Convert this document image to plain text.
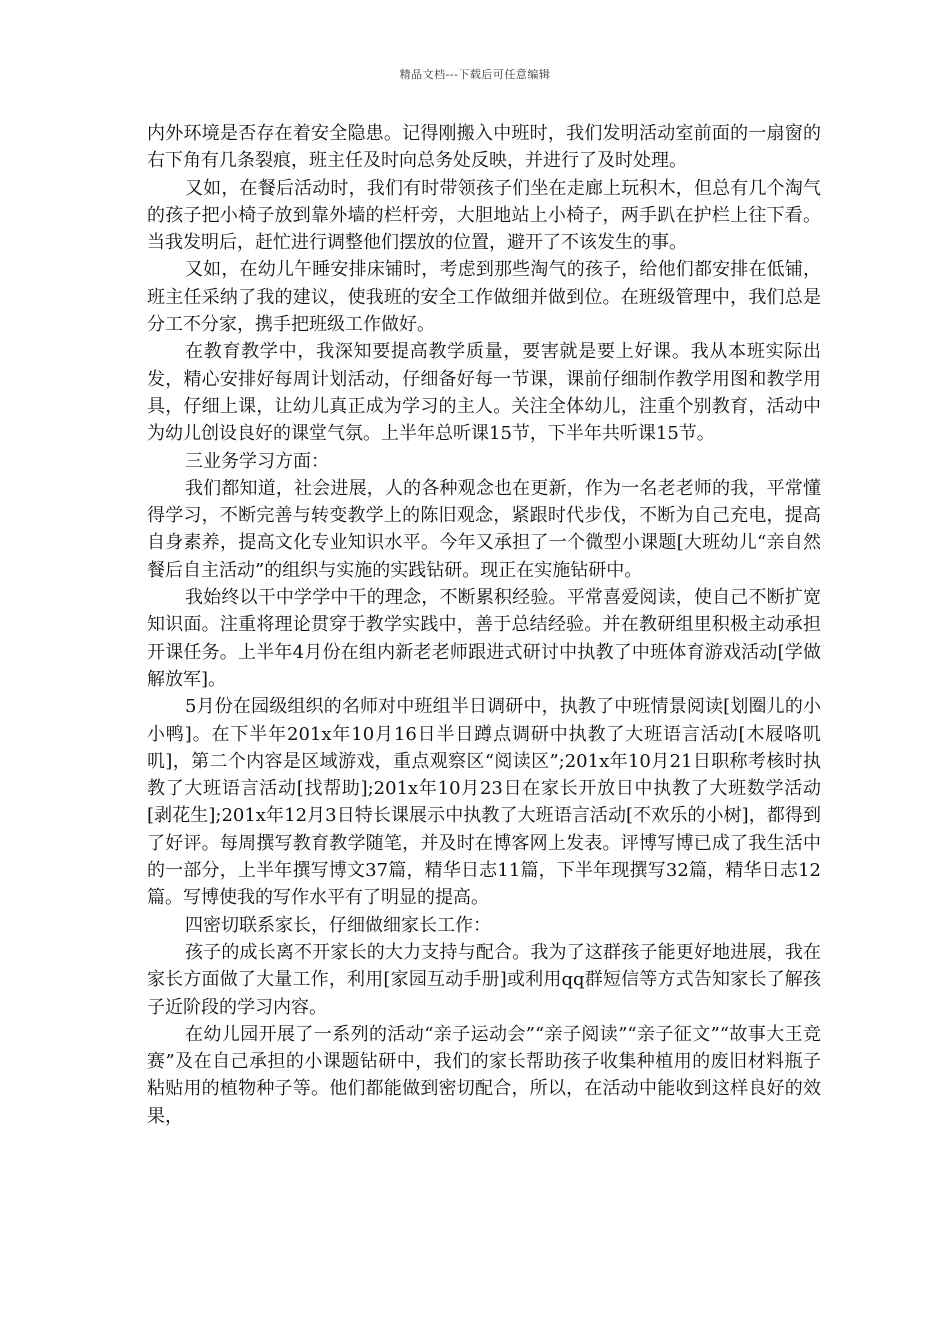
精品文档---下载后可任意编辑

内外环境是否存在着安全隐患。记得刚搬入中班时，我们发明活动室前面的一扇窗的右下角有几条裂痕，班主任及时向总务处反映，并进行了及时处理。

又如，在餐后活动时，我们有时带领孩子们坐在走廊上玩积木，但总有几个淘气的孩子把小椅子放到靠外墙的栏杆旁，大胆地站上小椅子，两手趴在护栏上往下看。当我发明后，赶忙进行调整他们摆放的位置，避开了不该发生的事。

又如，在幼儿午睡安排床铺时，考虑到那些淘气的孩子，给他们都安排在低铺，班主任采纳了我的建议，使我班的安全工作做细并做到位。在班级管理中，我们总是分工不分家，携手把班级工作做好。

在教育教学中，我深知要提高教学质量，要害就是要上好课。我从本班实际出发，精心安排好每周计划活动，仔细备好每一节课，课前仔细制作教学用图和教学用具，仔细上课，让幼儿真正成为学习的主人。关注全体幼儿，注重个别教育，活动中为幼儿创设良好的课堂气氛。上半年总听课15节，下半年共听课15节。

三业务学习方面：

我们都知道，社会进展，人的各种观念也在更新，作为一名老老师的我，平常懂得学习，不断完善与转变教学上的陈旧观念，紧跟时代步伐，不断为自己充电，提高自身素养，提高文化专业知识水平。今年又承担了一个微型小课题[大班幼儿“亲自然餐后自主活动”的组织与实施的实践钻研。现正在实施钻研中。

我始终以干中学学中干的理念，不断累积经验。平常喜爱阅读，使自己不断扩宽知识面。注重将理论贯穿于教学实践中，善于总结经验。并在教研组里积极主动承担开课任务。上半年4月份在组内新老老师跟进式研讨中执教了中班体育游戏活动[学做解放军]。

5月份在园级组织的名师对中班组半日调研中，执教了中班情景阅读[划圈儿的小小鸭]。在下半年201x年10月16日半日蹲点调研中执教了大班语言活动[木屐咯叽叽]，第二个内容是区域游戏，重点观察区“阅读区”;201x年10月21日职称考核时执教了大班语言活动[找帮助];201x年10月23日在家长开放日中执教了大班数学活动[剥花生];201x年12月3日特长课展示中执教了大班语言活动[不欢乐的小树]，都得到了好评。每周撰写教育教学随笔，并及时在博客网上发表。评博写博已成了我生活中的一部分，上半年撰写博文37篇，精华日志11篇，下半年现撰写32篇，精华日志12篇。写博使我的写作水平有了明显的提高。

四密切联系家长，仔细做细家长工作：

孩子的成长离不开家长的大力支持与配合。我为了这群孩子能更好地进展，我在家长方面做了大量工作，利用[家园互动手册]或利用qq群短信等方式告知家长了解孩子近阶段的学习内容。

在幼儿园开展了一系列的活动“亲子运动会”“亲子阅读”“亲子征文”“故事大王竞赛”及在自己承担的小课题钻研中，我们的家长帮助孩子收集种植用的废旧材料瓶子粘贴用的植物种子等。他们都能做到密切配合，所以，在活动中能收到这样良好的效果，
